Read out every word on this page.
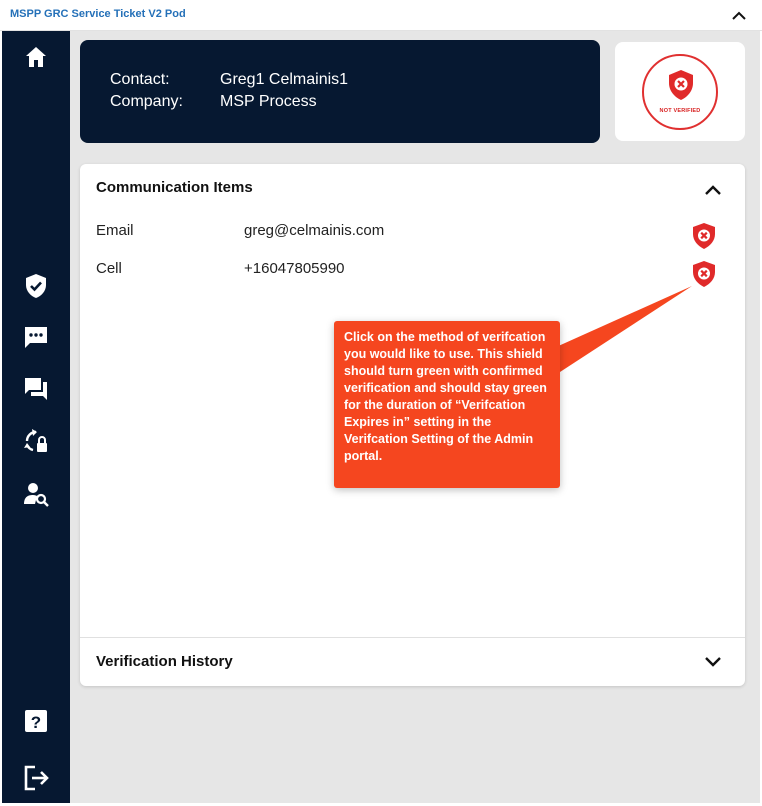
MSPP GRC Service Ticket V2 Pod
?
Contact:	Greg1 Celmainis1
Company: MSP Process
NOT VERIFIED
Communication Items
Email	greg@celmainis.com
Cell	+16047805990
Verification History
Click on the method of verifcation you would like to use. This shield should turn green with confirmed verification and should stay green for the duration of “Verifcation Expires in” setting in the Verifcation Setting of the Admin portal.
